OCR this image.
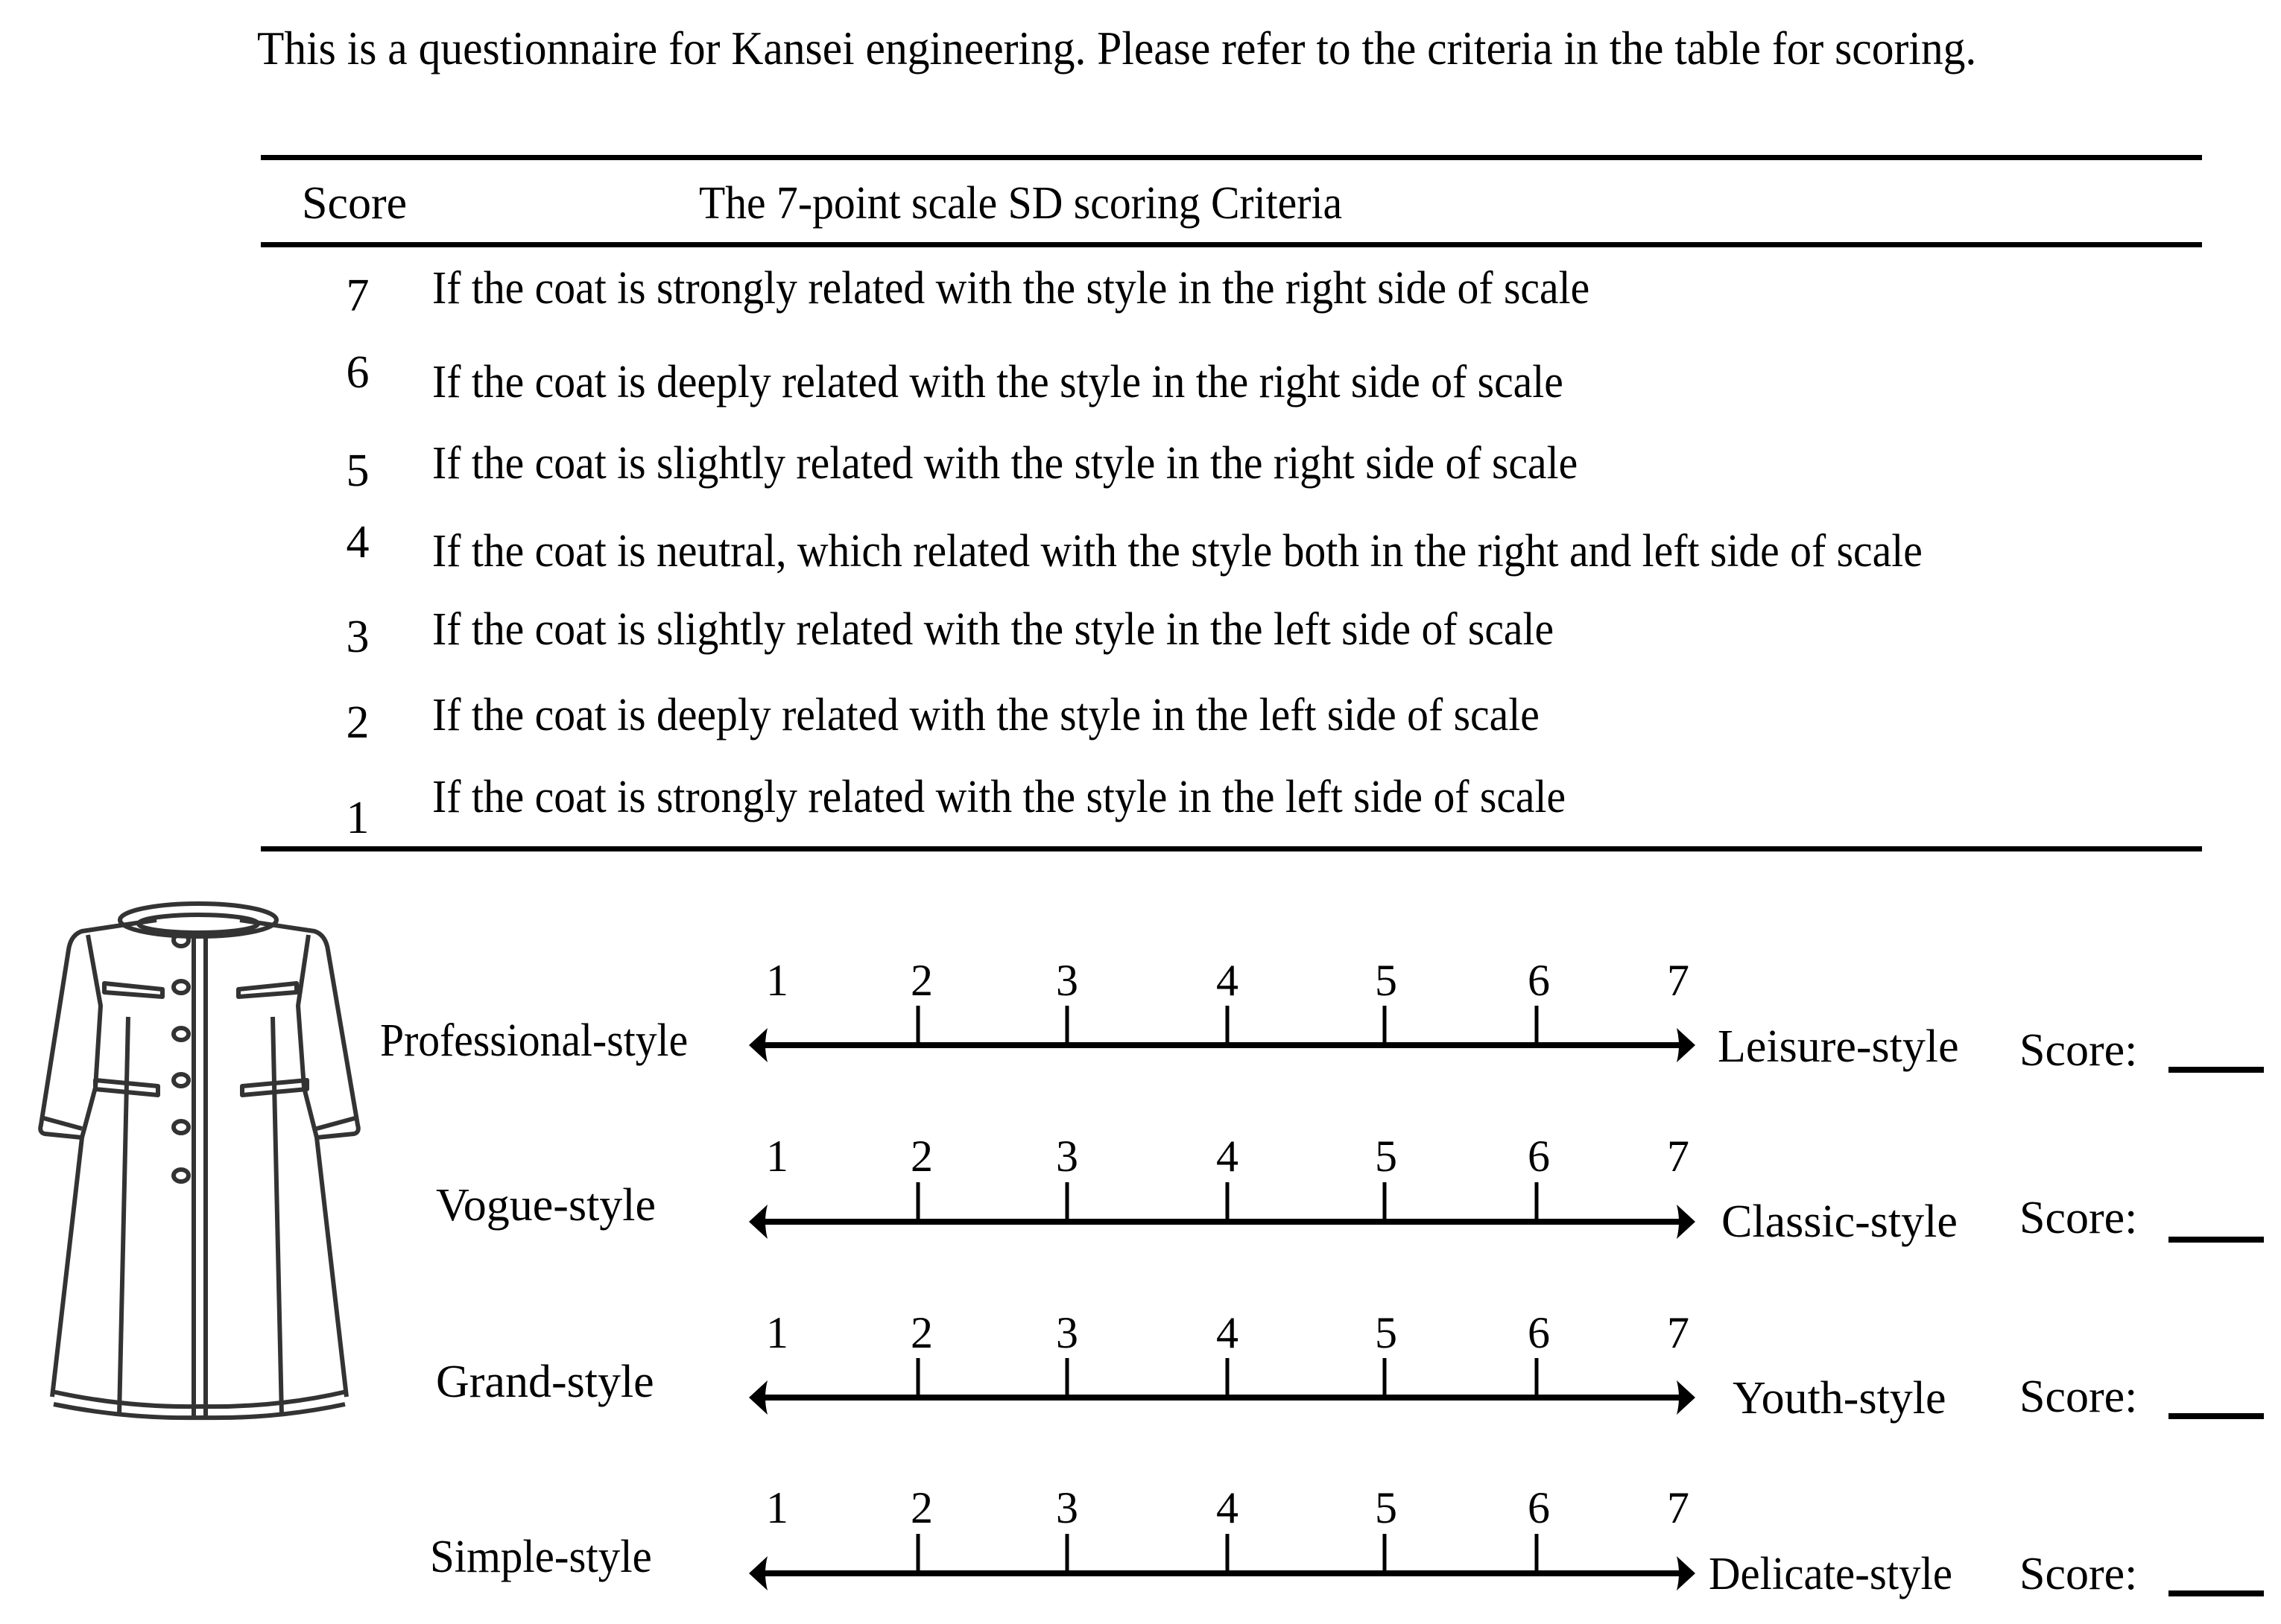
This is a questionnaire for Kansei engineering. Please refer to the criteria in the table for scoring.
Score	The 7-point scale SD scoring Criteria
7 If the coat is strongly related with the style in the right side of scale
6 If the coat is deeply related with the style in the right side of scale
5 If the coat is slightly related with the style in the right side of scale
4 If the coat is neutral, which related with the style both in the right and left side of scale
3 If the coat is slightly related with the style in the left side of scale
2 If the coat is deeply related with the style in the left side of scale
1 If the coat is strongly related with the style in the left side of scale
1	2	3	4	5	6	7
Professional-style	Leisure-style Score:
1	2	3	4	5	6	7
Vogue-style	Classic-style Score:
1	2	3	4	5	6	7
Grand-style	Youth-style Score:
1	2	3	4	5	6	7
Simple-style	Delicate-style Score:
